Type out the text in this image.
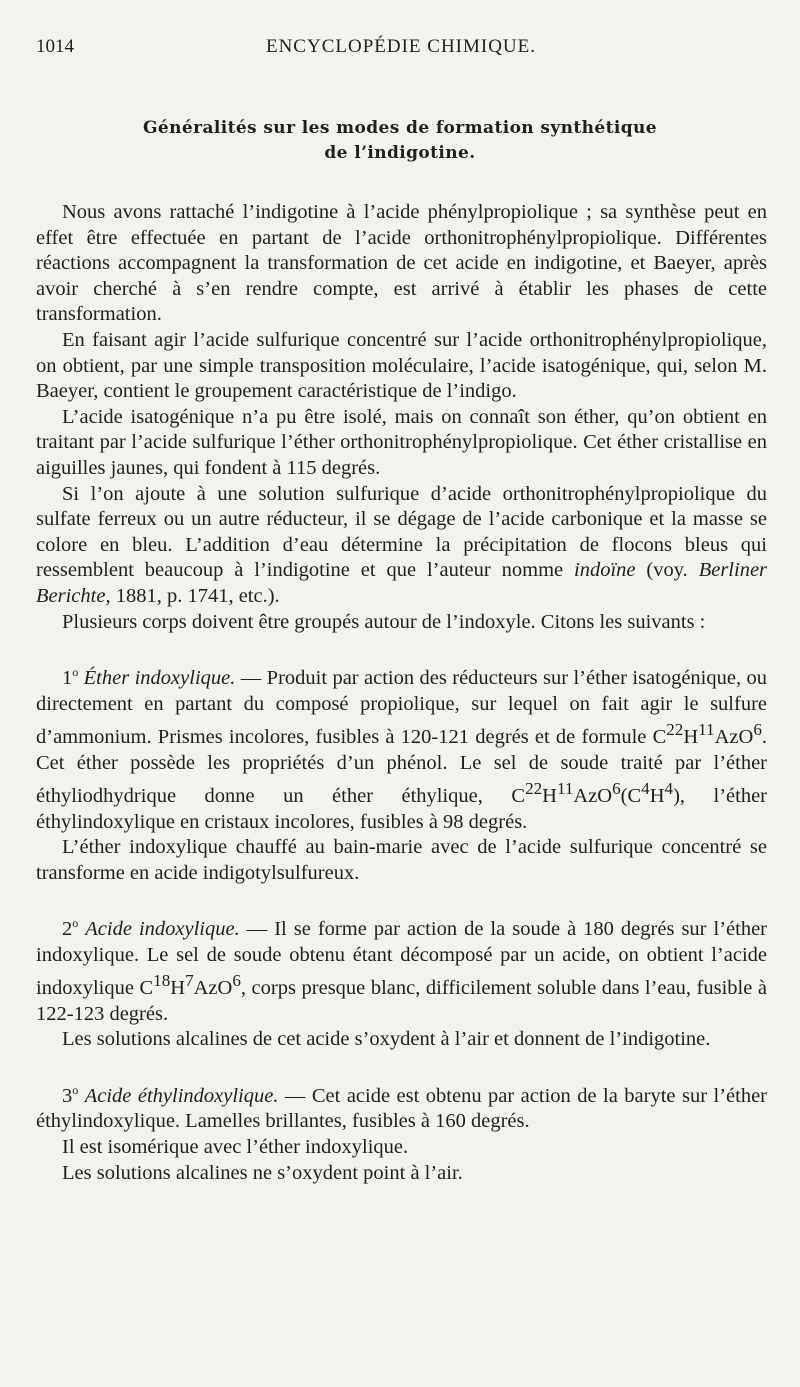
1014	ENCYCLOPÉDIE CHIMIQUE.
Généralités sur les modes de formation synthétique
de l’indigotine.

Nous avons rattaché l’indigotine à l’acide phénylpropiolique ; sa synthèse peut en effet être effectuée en partant de l’acide orthonitrophénylpropiolique. Différentes réactions accompagnent la transformation de cet acide en indigotine, et Baeyer, après avoir cherché à s’en rendre compte, est arrivé à établir les phases de cette transformation.

En faisant agir l’acide sulfurique concentré sur l’acide orthonitrophénylpropiolique, on obtient, par une simple transposition moléculaire, l’acide isatogénique, qui, selon M. Baeyer, contient le groupement caractéristique de l’indigo.

L’acide isatogénique n’a pu être isolé, mais on connaît son éther, qu’on obtient en traitant par l’acide sulfurique l’éther orthonitrophénylpropiolique. Cet éther cristallise en aiguilles jaunes, qui fondent à 115 degrés.

Si l’on ajoute à une solution sulfurique d’acide orthonitrophénylpropiolique du sulfate ferreux ou un autre réducteur, il se dégage de l’acide carbonique et la masse se colore en bleu. L’addition d’eau détermine la précipitation de flocons bleus qui ressemblent beaucoup à l’indigotine et que l’auteur nomme indoïne (voy. Berliner Berichte, 1881, p. 1741, etc.).

Plusieurs corps doivent être groupés autour de l’indoxyle. Citons les suivants :

1$^o$ Éther indoxylique. — Produit par action des réducteurs sur l’éther isatogénique, ou directement en partant du composé propiolique, sur lequel on fait agir le sulfure d’ammonium. Prismes incolores, fusibles à 120-121 degrés et de formule $C^{22}H^{11}AzO^6$. Cet éther possède les propriétés d’un phénol. Le sel de soude traité par l’éther éthyliodhydrique donne un éther éthylique, $C^{22}H^{11}AzO^6(C^4H^4)$, l’éther éthylindoxylique en cristaux incolores, fusibles à 98 degrés.

L’éther indoxylique chauffé au bain-marie avec de l’acide sulfurique concentré se transforme en acide indigotylsulfureux.

2$^o$ Acide indoxylique. — Il se forme par action de la soude à 180 degrés sur l’éther indoxylique. Le sel de soude obtenu étant décomposé par un acide, on obtient l’acide indoxylique $C^{18}H^7AzO^6$, corps presque blanc, difficilement soluble dans l’eau, fusible à 122-123 degrés.

Les solutions alcalines de cet acide s’oxydent à l’air et donnent de l’indigotine.

3$^o$ Acide éthylindoxylique. — Cet acide est obtenu par action de la baryte sur l’éther éthylindoxylique. Lamelles brillantes, fusibles à 160 degrés.

Il est isomérique avec l’éther indoxylique.

Les solutions alcalines ne s’oxydent point à l’air.
